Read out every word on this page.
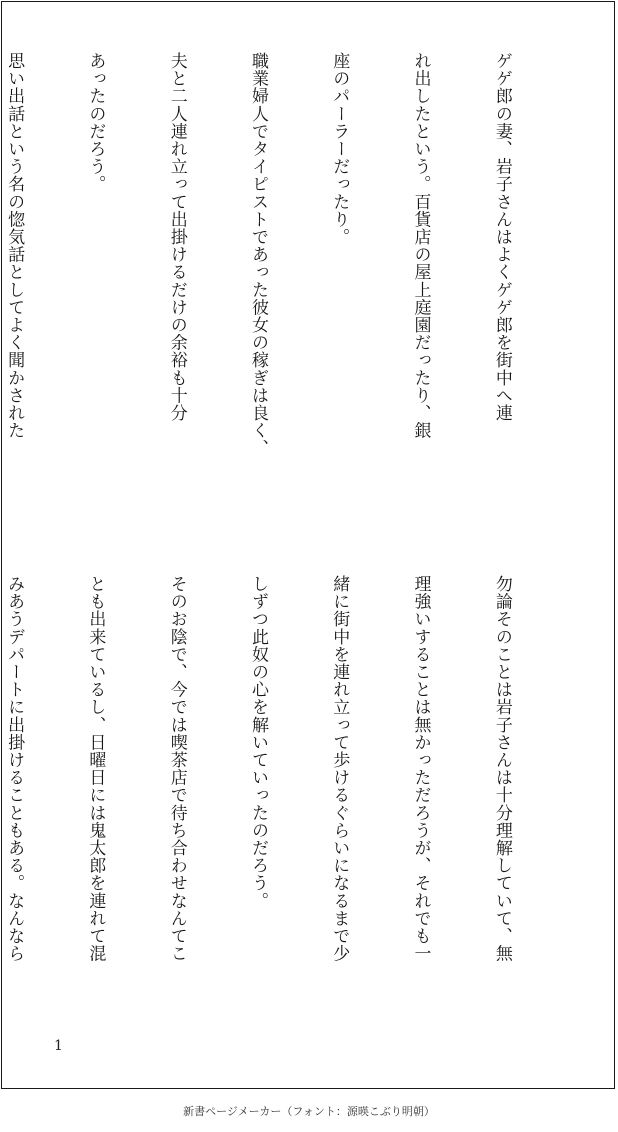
ゲゲ郎の妻、岩子さんはよくゲゲ郎を街中へ連

れ出したという。百貨店の屋上庭園だったり、銀

座のパーラーだったり。

職業婦人でタイピストであった彼女の稼ぎは良く、

夫と二人連れ立って出掛けるだけの余裕も十分

あったのだろう。

思い出話という名の惚気話としてよく聞かされた

勿論そのことは岩子さんは十分理解していて、無

理強いすることは無かっただろうが、それでも一

緒に街中を連れ立って歩けるぐらいになるまで少

しずつ此奴の心を解いていったのだろう。

そのお陰で、今では喫茶店で待ち合わせなんてこ

とも出来ているし、日曜日には鬼太郎を連れて混

みあうデパートに出掛けることもある。なんなら

1
新書ページメーカー（フォント：源暎こぶり明朝）
